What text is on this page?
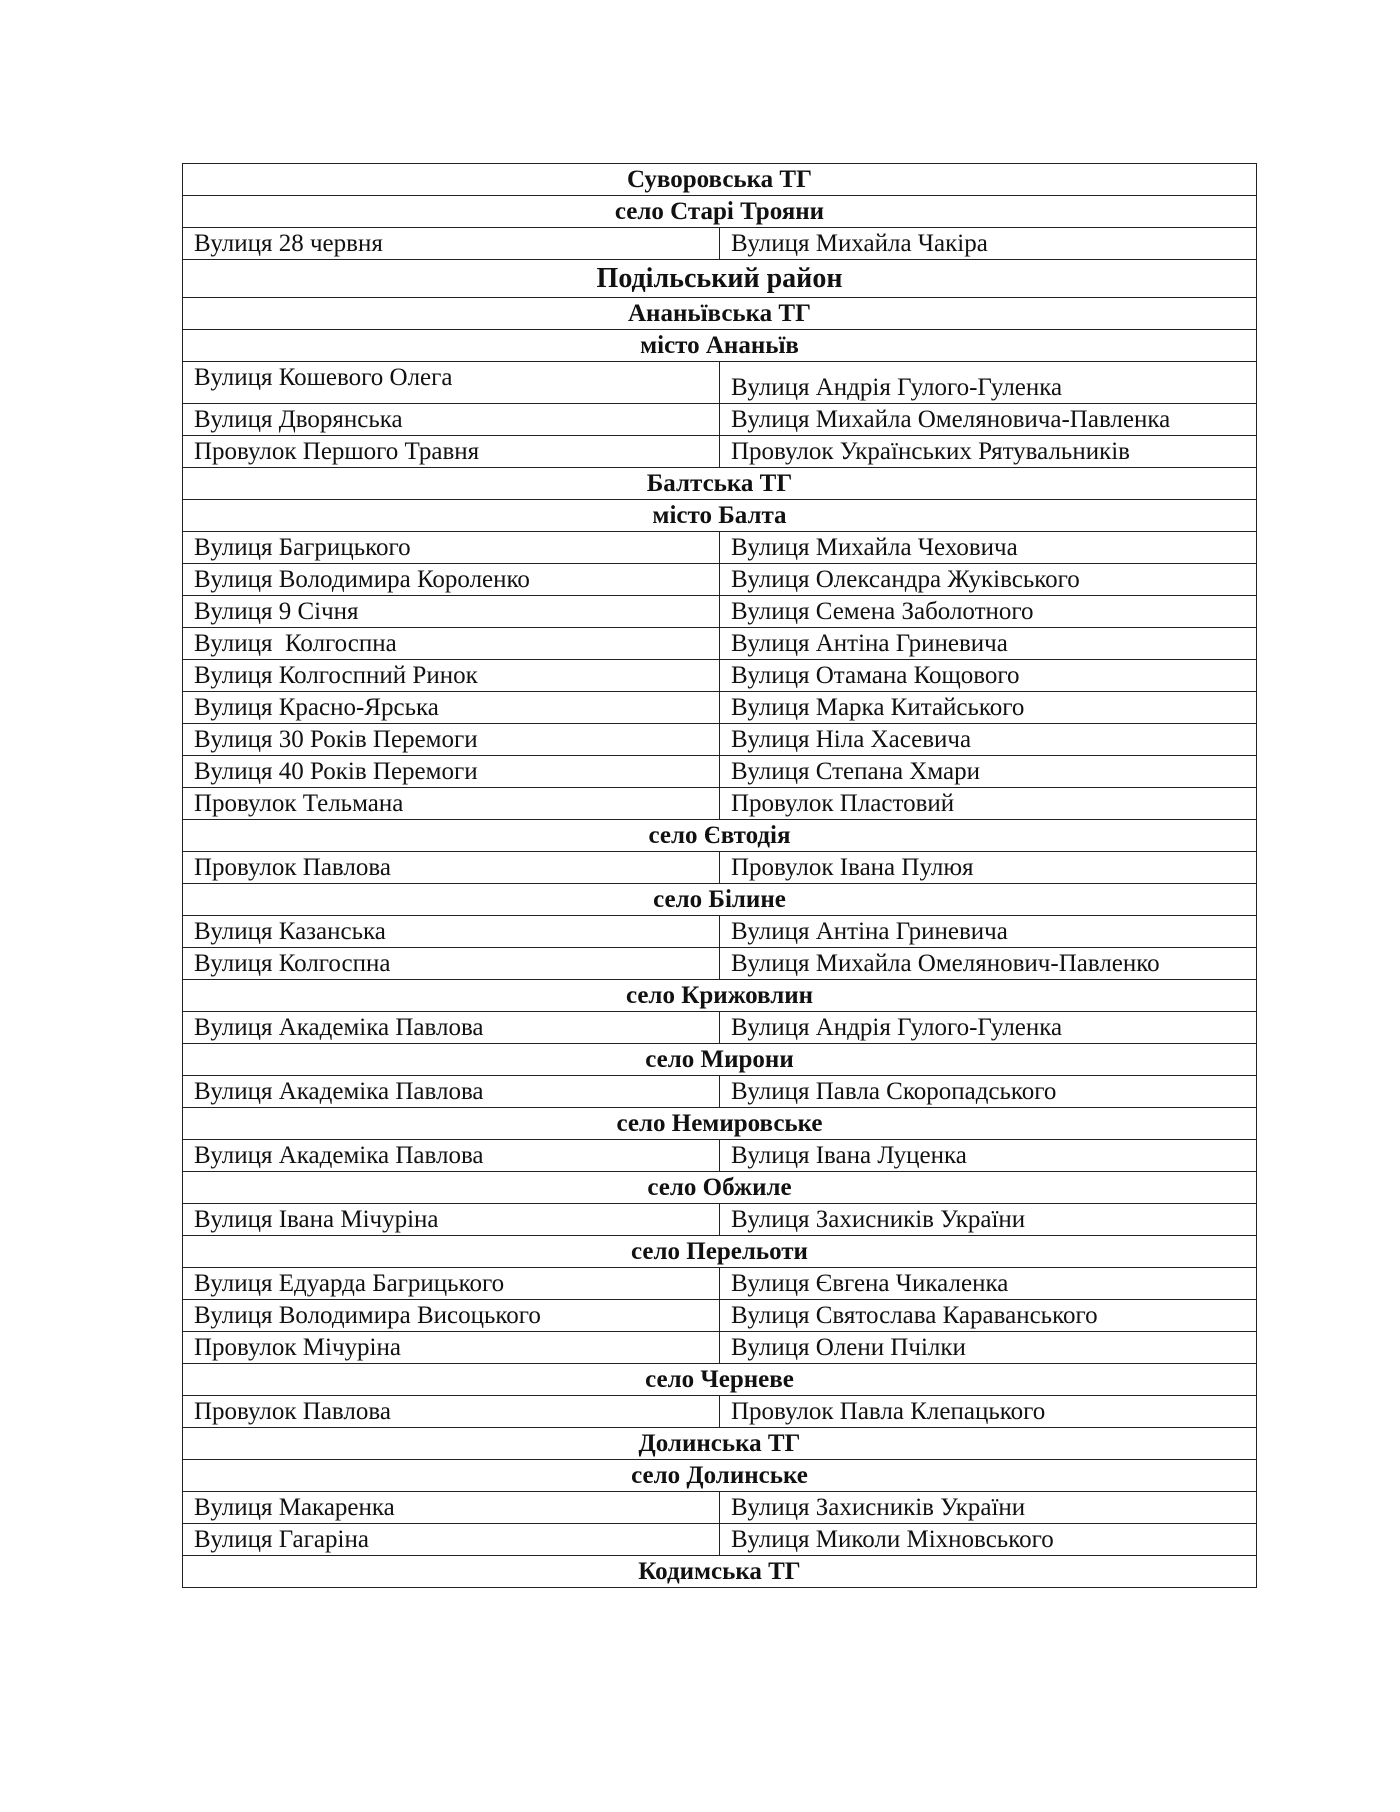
Суворовська ТГ	
село Старі Трояни	
Вулиця 28 червня	Вулиця Михайла Чакіра
Подільський район	
Ананьївська ТГ	
місто Ананьїв	
Вулиця Кошевого Олега	Вулиця Андрія Гулого-Гуленка
Вулиця Дворянська	Вулиця Михайла Омеляновича-Павленка
Провулок Першого Травня	Провулок Українських Рятувальників
Балтська ТГ	
місто Балта	
Вулиця Багрицького	Вулиця Михайла Чеховича
Вулиця Володимира Короленко	Вулиця Олександра Жуківського
Вулиця 9 Січня	Вулиця Семена Заболотного
Вулиця  Колгоспна	Вулиця Антіна Гриневича
Вулиця Колгоспний Ринок	Вулиця Отамана Кощового
Вулиця Красно-Ярська	Вулиця Марка Китайського
Вулиця 30 Років Перемоги	Вулиця Ніла Хасевича
Вулиця 40 Років Перемоги	Вулиця Степана Хмари
Провулок Тельмана	Провулок Пластовий
село Євтодія	
Провулок Павлова	Провулок Івана Пулюя
село Білине	
Вулиця Казанська	Вулиця Антіна Гриневича
Вулиця Колгоспна	Вулиця Михайла Омелянович-Павленко
село Крижовлин	
Вулиця Академіка Павлова	Вулиця Андрія Гулого-Гуленка
село Мирони	
Вулиця Академіка Павлова	Вулиця Павла Скоропадського
село Немировське	
Вулиця Академіка Павлова	Вулиця Івана Луценка
село Обжиле	
Вулиця Івана Мічуріна	Вулиця Захисників України
село Перельоти	
Вулиця Едуарда Багрицького	Вулиця Євгена Чикаленка
Вулиця Володимира Висоцького	Вулиця Святослава Караванського
Провулок Мічуріна	Вулиця Олени Пчілки
село Черневе	
Провулок Павлова	Провулок Павла Клепацького
Долинська ТГ	
село Долинське	
Вулиця Макаренка	Вулиця Захисників України
Вулиця Гагаріна	Вулиця Миколи Міхновського
Кодимська ТГ	
